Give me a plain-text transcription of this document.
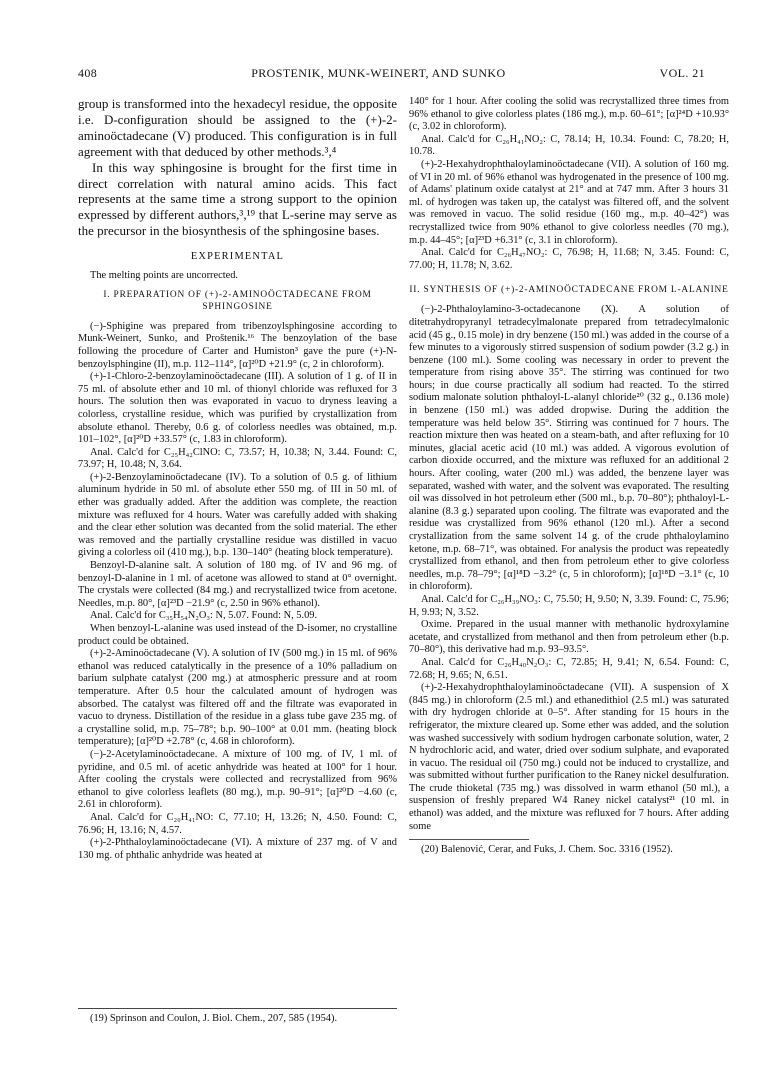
408	PROSTENIK, MUNK-WEINERT, AND SUNKO	VOL. 21

group is transformed into the hexadecyl residue, the opposite i.e. D-configuration should be assigned to the (+)-2-aminoöctadecane (V) produced. This configuration is in full agreement with that deduced by other methods.³,⁴

In this way sphingosine is brought for the first time in direct correlation with natural amino acids. This fact represents at the same time a strong support to the opinion expressed by different authors,³,¹⁹ that L-serine may serve as the precursor in the biosynthesis of the sphingosine bases.

EXPERIMENTAL

The melting points are uncorrected.

I. PREPARATION OF (+)-2-AMINOÖCTADECANE FROM SPHINGOSINE

(−)-Sphigine was prepared from tribenzoylsphingosine according to Munk-Weinert, Sunko, and Proštenik.¹⁶ The benzoylation of the base following the procedure of Carter and Humiston³ gave the pure (+)-N-benzoylsphingine (II), m.p. 112–114°, [α]²⁰D +21.9° (c, 2 in chloroform).

(+)-1-Chloro-2-benzoylaminoöctadecane (III). A solution of 1 g. of II in 75 ml. of absolute ether and 10 ml. of thionyl chloride was refluxed for 3 hours. The solution then was evaporated in vacuo to dryness leaving a colorless, crystalline residue, which was purified by crystallization from absolute ethanol. Thereby, 0.6 g. of colorless needles was obtained, m.p. 101–102°, [α]²⁰D +33.57° (c, 1.83 in chloroform).

Anal. Calc'd for C₂₅H₄₂ClNO: C, 73.57; H, 10.38; N, 3.44. Found: C, 73.97; H, 10.48; N, 3.64.

(+)-2-Benzoylaminoöctadecane (IV). To a solution of 0.5 g. of lithium aluminum hydride in 50 ml. of absolute ether 550 mg. of III in 50 ml. of ether was gradually added. After the addition was complete, the reaction mixture was refluxed for 4 hours. Water was carefully added with shaking and the clear ether solution was decanted from the solid material. The ether was removed and the partially crystalline residue was distilled in vacuo giving a colorless oil (410 mg.), b.p. 130–140° (heating block temperature).

Benzoyl-D-alanine salt. A solution of 180 mg. of IV and 96 mg. of benzoyl-D-alanine in 1 ml. of acetone was allowed to stand at 0° overnight. The crystals were collected (84 mg.) and recrystallized twice from acetone. Needles, m.p. 80°, [α]²³D −21.9° (c, 2.50 in 96% ethanol).

Anal. Calc'd for C₃₅H₅₄N₂O₃: N, 5.07. Found: N, 5.09.

When benzoyl-L-alanine was used instead of the D-isomer, no crystalline product could be obtained.

(+)-2-Aminoöctadecane (V). A solution of IV (500 mg.) in 15 ml. of 96% ethanol was reduced catalytically in the presence of a 10% palladium on barium sulphate catalyst (200 mg.) at atmospheric pressure and at room temperature. After 0.5 hour the calculated amount of hydrogen was absorbed. The catalyst was filtered off and the filtrate was evaporated in vacuo to dryness. Distillation of the residue in a glass tube gave 235 mg. of a crystalline solid, m.p. 75–78°; b.p. 90–100° at 0.01 mm. (heating block temperature); [α]²⁰D +2.78° (c, 4.68 in chloroform).

(−)-2-Acetylaminoöctadecane. A mixture of 100 mg. of IV, 1 ml. of pyridine, and 0.5 ml. of acetic anhydride was heated at 100° for 1 hour. After cooling the crystals were collected and recrystallized from 96% ethanol to give colorless leaflets (80 mg.), m.p. 90–91°; [α]²⁰D −4.60 (c, 2.61 in chloroform).

Anal. Calc'd for C₂₀H₄₁NO: C, 77.10; H, 13.26; N, 4.50. Found: C, 76.96; H, 13.16; N, 4.57.

(+)-2-Phthaloylaminoöctadecane (VI). A mixture of 237 mg. of V and 130 mg. of phthalic anhydride was heated at

(19) Sprinson and Coulon, J. Biol. Chem., 207, 585 (1954).

140° for 1 hour. After cooling the solid was recrystallized three times from 96% ethanol to give colorless plates (186 mg.), m.p. 60–61°; [α]²⁴D +10.93° (c, 3.02 in chloroform).

Anal. Calc'd for C₂₆H₄₁NO₂: C, 78.14; H, 10.34. Found: C, 78.20; H, 10.78.

(+)-2-Hexahydrophthaloylaminoöctadecane (VII). A solution of 160 mg. of VI in 20 ml. of 96% ethanol was hydrogenated in the presence of 100 mg. of Adams' platinum oxide catalyst at 21° and at 747 mm. After 3 hours 31 ml. of hydrogen was taken up, the catalyst was filtered off, and the solvent was removed in vacuo. The solid residue (160 mg., m.p. 40–42°) was recrystallized twice from 90% ethanol to give colorless needles (70 mg.), m.p. 44–45°; [α]²³D +6.31° (c, 3.1 in chloroform).

Anal. Calc'd for C₂₆H₄₇NO₂: C, 76.98; H, 11.68; N, 3.45. Found: C, 77.00; H, 11.78; N, 3.62.

II. SYNTHESIS OF (+)-2-AMINOÖCTADECANE FROM L-ALANINE

(−)-2-Phthaloylamino-3-octadecanone (X). A solution of ditetrahydropyranyl tetradecylmalonate prepared from tetradecylmalonic acid (45 g., 0.15 mole) in dry benzene (150 ml.) was added in the course of a few minutes to a vigorously stirred suspension of sodium powder (3.2 g.) in benzene (100 ml.). Some cooling was necessary in order to prevent the temperature from rising above 35°. The stirring was continued for two hours; in due course practically all sodium had reacted. To the stirred sodium malonate solution phthaloyl-L-alanyl chloride²⁰ (32 g., 0.136 mole) in benzene (150 ml.) was added dropwise. During the addition the temperature was held below 35°. Stirring was continued for 7 hours. The reaction mixture then was heated on a steam-bath, and after refluxing for 10 minutes, glacial acetic acid (10 ml.) was added. A vigorous evolution of carbon dioxide occurred, and the mixture was refluxed for an additional 2 hours. After cooling, water (200 ml.) was added, the benzene layer was separated, washed with water, and the solvent was evaporated. The resulting oil was dissolved in hot petroleum ether (500 ml., b.p. 70–80°); phthaloyl-L-alanine (8.3 g.) separated upon cooling. The filtrate was evaporated and the residue was crystallized from 96% ethanol (120 ml.). After a second crystallization from the same solvent 14 g. of the crude phthaloylamino ketone, m.p. 68–71°, was obtained. For analysis the product was repeatedly crystallized from ethanol, and then from petroleum ether to give colorless needles, m.p. 78–79°; [α]¹⁸D −3.2° (c, 5 in chloroform); [α]¹⁸D −3.1° (c, 10 in chloroform).

Anal. Calc'd for C₂₆H₃₉NO₃: C, 75.50; H, 9.50; N, 3.39. Found: C, 75.96; H, 9.93; N, 3.52.

Oxime. Prepared in the usual manner with methanolic hydroxylamine acetate, and crystallized from methanol and then from petroleum ether (b.p. 70–80°), this derivative had m.p. 93–93.5°.

Anal. Calc'd for C₂₆H₄₀N₂O₃: C, 72.85; H, 9.41; N, 6.54. Found: C, 72.68; H, 9.65; N, 6.51.

(+)-2-Hexahydrophthaloylaminoöctadecane (VII). A suspension of X (845 mg.) in chloroform (2.5 ml.) and ethanedithiol (2.5 ml.) was saturated with dry hydrogen chloride at 0–5°. After standing for 15 hours in the refrigerator, the mixture cleared up. Some ether was added, and the solution was washed successively with sodium hydrogen carbonate solution, water, 2 N hydrochloric acid, and water, dried over sodium sulphate, and evaporated in vacuo. The residual oil (750 mg.) could not be induced to crystallize, and was submitted without further purification to the Raney nickel desulfuration. The crude thioketal (735 mg.) was dissolved in warm ethanol (50 ml.), a suspension of freshly prepared W4 Raney nickel catalyst²¹ (10 ml. in ethanol) was added, and the mixture was refluxed for 7 hours. After adding some

(20) Balenović, Cerar, and Fuks, J. Chem. Soc. 3316 (1952).
